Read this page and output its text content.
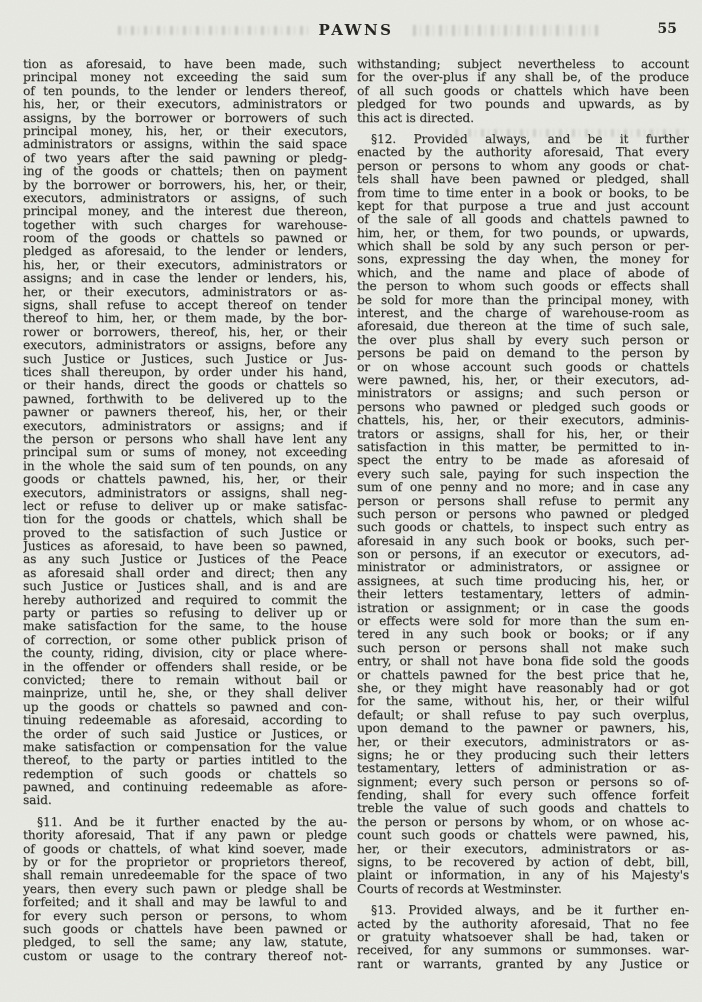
PAWNS	55
tion as aforesaid, to have been made, such
principal money not exceeding the said sum
of ten pounds, to the lender or lenders thereof,
his, her, or their executors, administrators or
assigns, by the borrower or borrowers of such
principal money, his, her, or their executors,
administrators or assigns, within the said space
of two years after the said pawning or pledg-
ing of the goods or chattels; then on payment
by the borrower or borrowers, his, her, or their,
executors, administrators or assigns, of such
principal money, and the interest due thereon,
together with such charges for warehouse-
room of the goods or chattels so pawned or
pledged as aforesaid, to the lender or lenders,
his, her, or their executors, administrators or
assigns; and in case the lender or lenders, his,
her, or their executors, administrators or as-
signs, shall refuse to accept thereof on tender
thereof to him, her, or them made, by the bor-
rower or borrowers, thereof, his, her, or their
executors, administrators or assigns, before any
such Justice or Justices, such Justice or Jus-
tices shall thereupon, by order under his hand,
or their hands, direct the goods or chattels so
pawned, forthwith to be delivered up to the
pawner or pawners thereof, his, her, or their
executors, administrators or assigns; and if
the person or persons who shall have lent any
principal sum or sums of money, not exceeding
in the whole the said sum of ten pounds, on any
goods or chattels pawned, his, her, or their
executors, administrators or assigns, shall neg-
lect or refuse to deliver up or make satisfac-
tion for the goods or chattels, which shall be
proved to the satisfaction of such Justice or
Justices as aforesaid, to have been so pawned,
as any such Justice or Justices of the Peace
as aforesaid shall order and direct; then any
such Justice or Justices shall, and is and are
hereby authorized and required to commit the
party or parties so refusing to deliver up or
make satisfaction for the same, to the house
of correction, or some other publick prison of
the county, riding, division, city or place where-
in the offender or offenders shall reside, or be
convicted; there to remain without bail or
mainprize, until he, she, or they shall deliver
up the goods or chattels so pawned and con-
tinuing redeemable as aforesaid, according to
the order of such said Justice or Justices, or
make satisfaction or compensation for the value
thereof, to the party or parties intitled to the
redemption of such goods or chattels so
pawned, and continuing redeemable as afore-
said.
§11. And be it further enacted by the au-
thority aforesaid, That if any pawn or pledge
of goods or chattels, of what kind soever, made
by or for the proprietor or proprietors thereof,
shall remain unredeemable for the space of two
years, then every such pawn or pledge shall be
forfeited; and it shall and may be lawful to and
for every such person or persons, to whom
such goods or chattels have been pawned or
pledged, to sell the same; any law, statute,
custom or usage to the contrary thereof not-
withstanding; subject nevertheless to account
for the over-plus if any shall be, of the produce
of all such goods or chattels which have been
pledged for two pounds and upwards, as by
this act is directed.
§12. Provided always, and be it further
enacted by the authority aforesaid, That every
person or persons to whom any goods or chat-
tels shall have been pawned or pledged, shall
from time to time enter in a book or books, to be
kept for that purpose a true and just account
of the sale of all goods and chattels pawned to
him, her, or them, for two pounds, or upwards,
which shall be sold by any such person or per-
sons, expressing the day when, the money for
which, and the name and place of abode of
the person to whom such goods or effects shall
be sold for more than the principal money, with
interest, and the charge of warehouse-room as
aforesaid, due thereon at the time of such sale,
the over plus shall by every such person or
persons be paid on demand to the person by
or on whose account such goods or chattels
were pawned, his, her, or their executors, ad-
ministrators or assigns; and such person or
persons who pawned or pledged such goods or
chattels, his, her, or their executors, adminis-
trators or assigns, shall for his, her, or their
satisfaction in this matter, be permitted to in-
spect the entry to be made as aforesaid of
every such sale, paying for such inspection the
sum of one penny and no more; and in case any
person or persons shall refuse to permit any
such person or persons who pawned or pledged
such goods or chattels, to inspect such entry as
aforesaid in any such book or books, such per-
son or persons, if an executor or executors, ad-
ministrator or administrators, or assignee or
assignees, at such time producing his, her, or
their letters testamentary, letters of admin-
istration or assignment; or in case the goods
or effects were sold for more than the sum en-
tered in any such book or books; or if any
such person or persons shall not make such
entry, or shall not have bona fide sold the goods
or chattels pawned for the best price that he,
she, or they might have reasonably had or got
for the same, without his, her, or their wilful
default; or shall refuse to pay such overplus,
upon demand to the pawner or pawners, his,
her, or their executors, administrators or as-
signs; he or they producing such their letters
testamentary, letters of administration or as-
signment; every such person or persons so of-
fending, shall for every such offence forfeit
treble the value of such goods and chattels to
the person or persons by whom, or on whose ac-
count such goods or chattels were pawned, his,
her, or their executors, administrators or as-
signs, to be recovered by action of debt, bill,
plaint or information, in any of his Majesty's
Courts of records at Westminster.
§13. Provided always, and be it further en-
acted by the authority aforesaid, That no fee
or gratuity whatsoever shall be had, taken or
received, for any summons or summonses. war-
rant or warrants, granted by any Justice or
